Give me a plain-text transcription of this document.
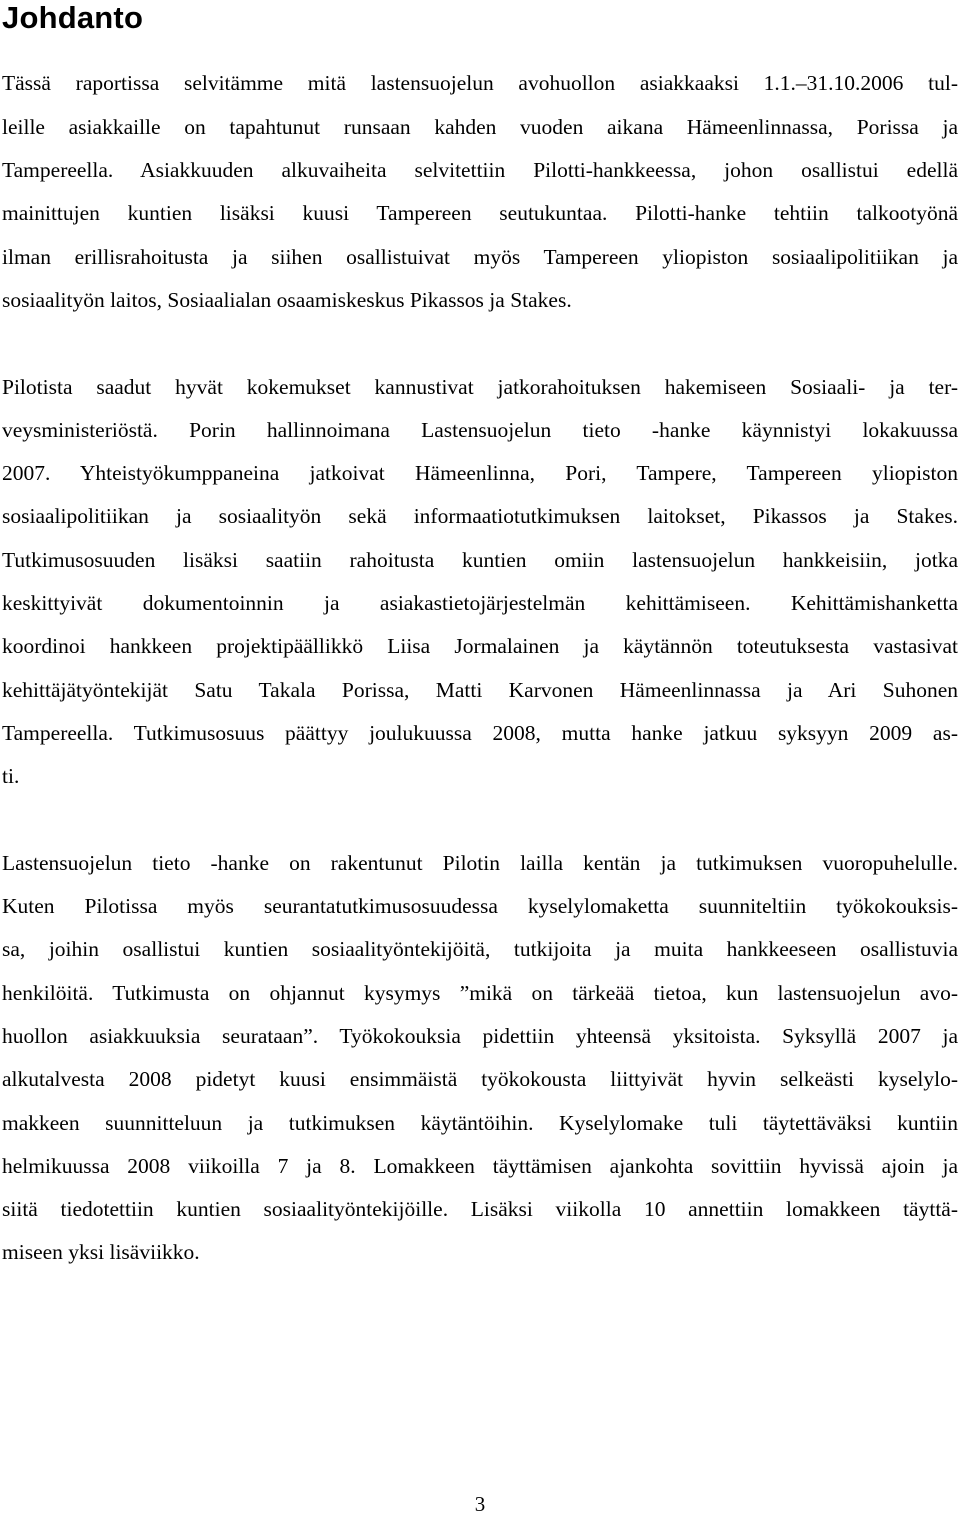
Johdanto
Tässä raportissa selvitämme mitä lastensuojelun avohuollon asiakkaaksi 1.1.–31.10.2006 tul-
leille asiakkaille on tapahtunut runsaan kahden vuoden aikana Hämeenlinnassa, Porissa ja
Tampereella. Asiakkuuden alkuvaiheita selvitettiin Pilotti-hankkeessa, johon osallistui edellä
mainittujen kuntien lisäksi kuusi Tampereen seutukuntaa. Pilotti-hanke tehtiin talkootyönä
ilman erillisrahoitusta ja siihen osallistuivat myös Tampereen yliopiston sosiaalipolitiikan ja
sosiaalityön laitos, Sosiaalialan osaamiskeskus Pikassos ja Stakes.
Pilotista saadut hyvät kokemukset kannustivat jatkorahoituksen hakemiseen Sosiaali- ja ter-
veysministeriöstä. Porin hallinnoimana Lastensuojelun tieto -hanke käynnistyi lokakuussa
2007. Yhteistyökumppaneina jatkoivat Hämeenlinna, Pori, Tampere, Tampereen yliopiston
sosiaalipolitiikan ja sosiaalityön sekä informaatiotutkimuksen laitokset, Pikassos ja Stakes.
Tutkimusosuuden lisäksi saatiin rahoitusta kuntien omiin lastensuojelun hankkeisiin, jotka
keskittyivät dokumentoinnin ja asiakastietojärjestelmän kehittämiseen. Kehittämishanketta
koordinoi hankkeen projektipäällikkö Liisa Jormalainen ja käytännön toteutuksesta vastasivat
kehittäjätyöntekijät Satu Takala Porissa, Matti Karvonen Hämeenlinnassa ja Ari Suhonen
Tampereella. Tutkimusosuus päättyy joulukuussa 2008, mutta hanke jatkuu syksyyn 2009 as-
ti.
Lastensuojelun tieto -hanke on rakentunut Pilotin lailla kentän ja tutkimuksen vuoropuhelulle.
Kuten Pilotissa myös seurantatutkimusosuudessa kyselylomaketta suunniteltiin työkokouksis-
sa, joihin osallistui kuntien sosiaalityöntekijöitä, tutkijoita ja muita hankkeeseen osallistuvia
henkilöitä. Tutkimusta on ohjannut kysymys ”mikä on tärkeää tietoa, kun lastensuojelun avo-
huollon asiakkuuksia seurataan”. Työkokouksia pidettiin yhteensä yksitoista. Syksyllä 2007 ja
alkutalvesta 2008 pidetyt kuusi ensimmäistä työkokousta liittyivät hyvin selkeästi kyselylo-
makkeen suunnitteluun ja tutkimuksen käytäntöihin. Kyselylomake tuli täytettäväksi kuntiin
helmikuussa 2008 viikoilla 7 ja 8. Lomakkeen täyttämisen ajankohta sovittiin hyvissä ajoin ja
siitä tiedotettiin kuntien sosiaalityöntekijöille. Lisäksi viikolla 10 annettiin lomakkeen täyttä-
miseen yksi lisäviikko.
3
